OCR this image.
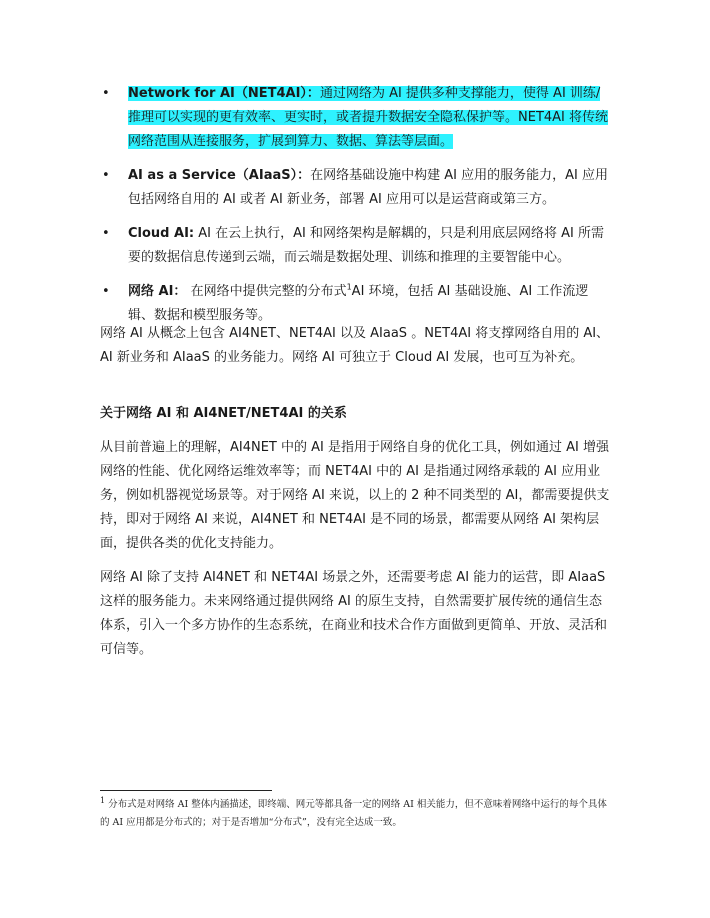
• Network for AI（NET4AI）：通过网络为 AI 提供多种支撑能力，使得 AI 训练/推理可以实现的更有效率、更实时，或者提升数据安全隐私保护等。NET4AI 将传统网络范围从连接服务，扩展到算力、数据、算法等层面。
• AI as a Service（AIaaS）：在网络基础设施中构建 AI 应用的服务能力，AI 应用包括网络自用的 AI 或者 AI 新业务，部署 AI 应用可以是运营商或第三方。
• Cloud AI: AI 在云上执行，AI 和网络架构是解耦的，只是利用底层网络将 AI 所需要的数据信息传递到云端，而云端是数据处理、训练和推理的主要智能中心。
• 网络 AI： 在网络中提供完整的分布式$^1$AI 环境，包括 AI 基础设施、AI 工作流逻辑、数据和模型服务等。

网络 AI 从概念上包含 AI4NET、NET4AI 以及 AIaaS 。NET4AI 将支撑网络自用的 AI、AI 新业务和 AIaaS 的业务能力。网络 AI 可独立于 Cloud AI 发展，也可互为补充。

关于网络 AI 和 AI4NET/NET4AI 的关系

从目前普遍上的理解，AI4NET 中的 AI 是指用于网络自身的优化工具，例如通过 AI 增强网络的性能、优化网络运维效率等；而 NET4AI 中的 AI 是指通过网络承载的 AI 应用业务，例如机器视觉场景等。对于网络 AI 来说，以上的 2 种不同类型的 AI，都需要提供支持，即对于网络 AI 来说，AI4NET 和 NET4AI 是不同的场景，都需要从网络 AI 架构层面，提供各类的优化支持能力。

网络 AI 除了支持 AI4NET 和 NET4AI 场景之外，还需要考虑 AI 能力的运营，即 AIaaS 这样的服务能力。未来网络通过提供网络 AI 的原生支持，自然需要扩展传统的通信生态体系，引入一个多方协作的生态系统，在商业和技术合作方面做到更简单、开放、灵活和可信等。

$^1$ 分布式是对网络 AI 整体内涵描述，即终端、网元等都具备一定的网络 AI 相关能力，但不意味着网络中运行的每个具体的 AI 应用都是分布式的；对于是否增加“分布式”，没有完全达成一致。
